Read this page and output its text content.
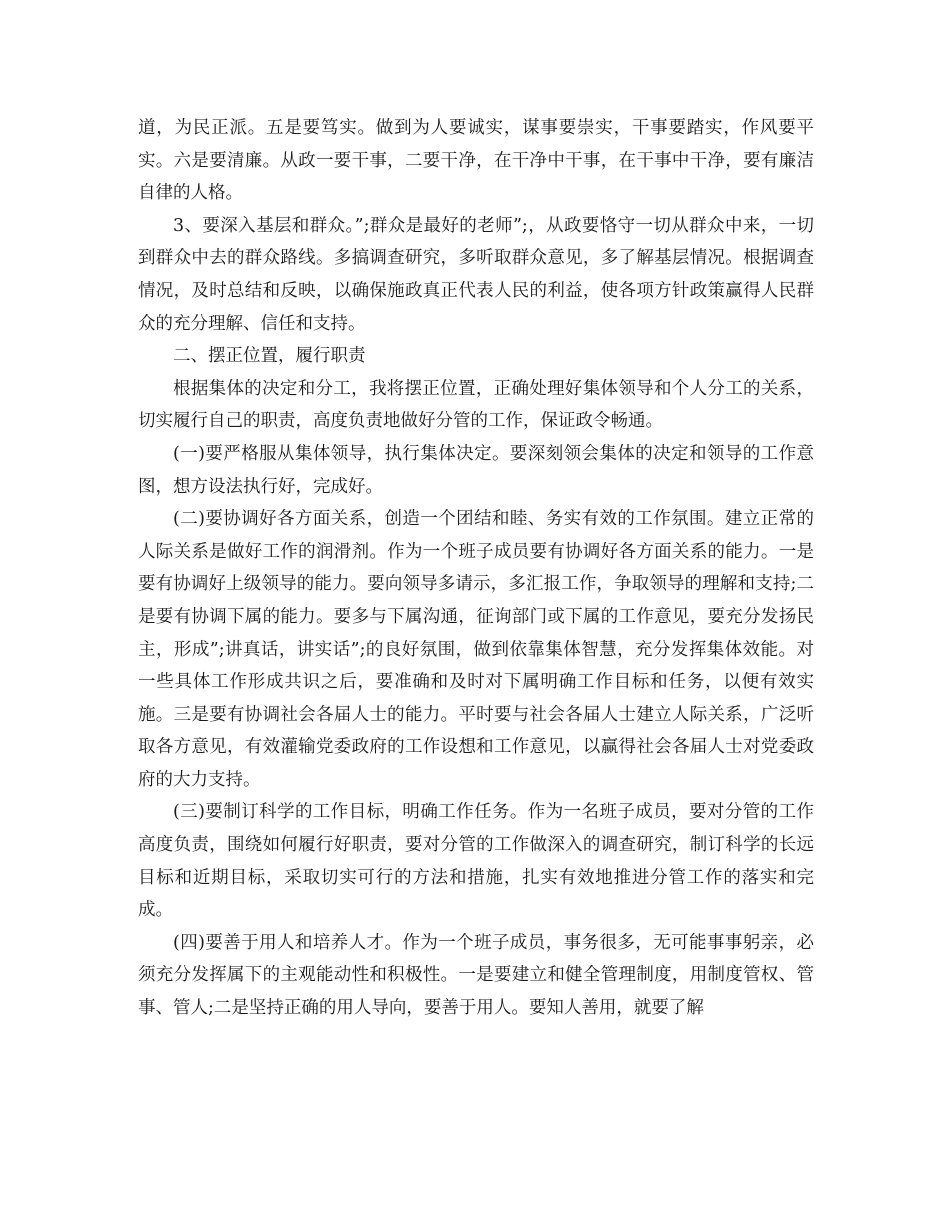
道，为民正派。五是要笃实。做到为人要诚实，谋事要崇实，干事要踏实，作风要平实。六是要清廉。从政一要干事，二要干净，在干净中干事，在干事中干净，要有廉洁自律的人格。

3、要深入基层和群众。”;群众是最好的老师”;，从政要恪守一切从群众中来，一切到群众中去的群众路线。多搞调查研究，多听取群众意见，多了解基层情况。根据调查情况，及时总结和反映，以确保施政真正代表人民的利益，使各项方针政策赢得人民群众的充分理解、信任和支持。

二、摆正位置，履行职责

根据集体的决定和分工，我将摆正位置，正确处理好集体领导和个人分工的关系，切实履行自己的职责，高度负责地做好分管的工作，保证政令畅通。

(一)要严格服从集体领导，执行集体决定。要深刻领会集体的决定和领导的工作意图，想方设法执行好，完成好。

(二)要协调好各方面关系，创造一个团结和睦、务实有效的工作氛围。建立正常的人际关系是做好工作的润滑剂。作为一个班子成员要有协调好各方面关系的能力。一是要有协调好上级领导的能力。要向领导多请示，多汇报工作，争取领导的理解和支持;二是要有协调下属的能力。要多与下属沟通，征询部门或下属的工作意见，要充分发扬民主，形成”;讲真话，讲实话”;的良好氛围，做到依靠集体智慧，充分发挥集体效能。对一些具体工作形成共识之后，要准确和及时对下属明确工作目标和任务，以便有效实施。三是要有协调社会各届人士的能力。平时要与社会各届人士建立人际关系，广泛听取各方意见，有效灌输党委政府的工作设想和工作意见，以赢得社会各届人士对党委政府的大力支持。

(三)要制订科学的工作目标，明确工作任务。作为一名班子成员，要对分管的工作高度负责，围绕如何履行好职责，要对分管的工作做深入的调查研究，制订科学的长远目标和近期目标，采取切实可行的方法和措施，扎实有效地推进分管工作的落实和完成。

(四)要善于用人和培养人才。作为一个班子成员，事务很多，无可能事事躬亲，必须充分发挥属下的主观能动性和积极性。一是要建立和健全管理制度，用制度管权、管事、管人;二是坚持正确的用人导向，要善于用人。要知人善用，就要了解
